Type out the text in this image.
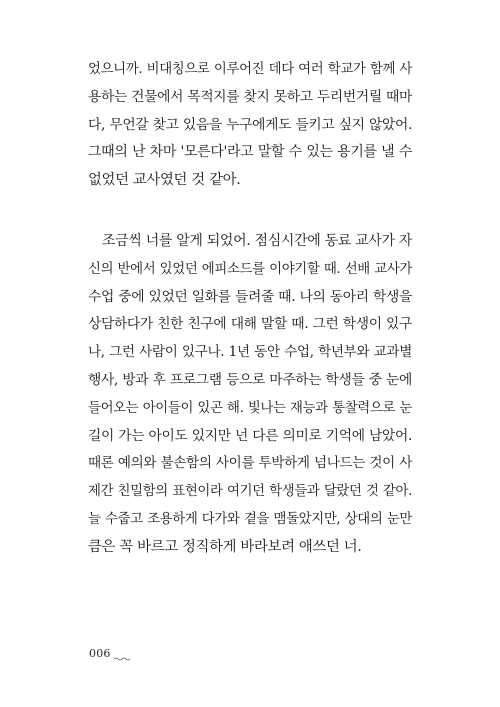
었으니까. 비대칭으로 이루어진 데다 여러 학교가 함께 사
용하는 건물에서 목적지를 찾지 못하고 두리번거릴 때마
다, 무언갈 찾고 있음을 누구에게도 들키고 싶지 않았어.
그때의 난 차마 '모른다'라고 말할 수 있는 용기를 낼 수
없었던 교사였던 것 같아.
조금씩 너를 알게 되었어. 점심시간에 동료 교사가 자
신의 반에서 있었던 에피소드를 이야기할 때. 선배 교사가
수업 중에 있었던 일화를 들려줄 때. 나의 동아리 학생을
상담하다가 친한 친구에 대해 말할 때. 그런 학생이 있구
나, 그런 사람이 있구나. 1년 동안 수업, 학년부와 교과별
행사, 방과 후 프로그램 등으로 마주하는 학생들 중 눈에
들어오는 아이들이 있곤 해. 빛나는 재능과 통찰력으로 눈
길이 가는 아이도 있지만 넌 다른 의미로 기억에 남았어.
때론 예의와 불손함의 사이를 투박하게 넘나드는 것이 사
제간 친밀함의 표현이라 여기던 학생들과 달랐던 것 같아.
늘 수줍고 조용하게 다가와 곁을 맴돌았지만, 상대의 눈만
큼은 꼭 바르고 정직하게 바라보려 애쓰던 너.
006
